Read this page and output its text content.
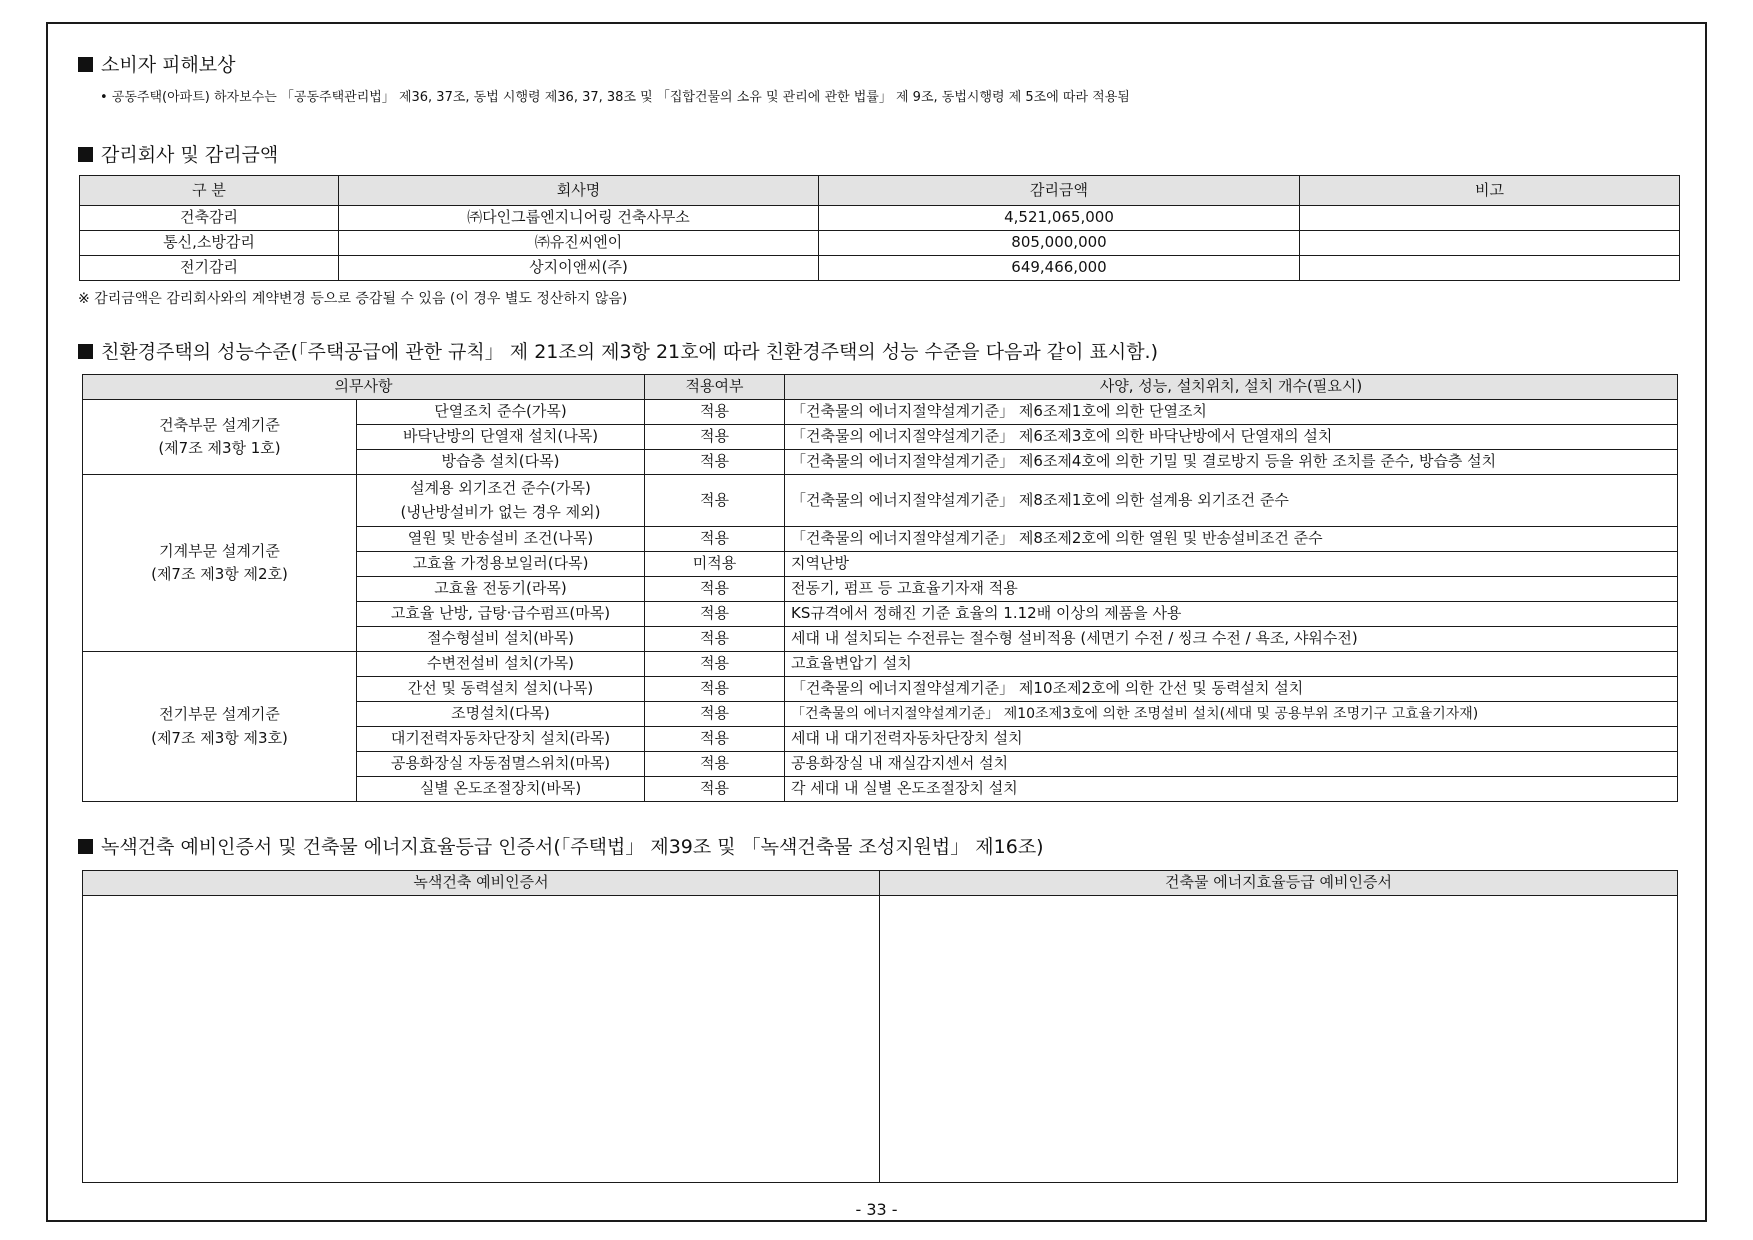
소비자 피해보상
• 공동주택(아파트) 하자보수는 「공동주택관리법」 제36, 37조, 동법 시행령 제36, 37, 38조 및 「집합건물의 소유 및 관리에 관한 법률」 제 9조, 동법시행령 제 5조에 따라 적용됨
감리회사 및 감리금액
구 분	회사명	감리금액	비고
건축감리	㈜다인그룹엔지니어링 건축사무소	4,521,065,000	
통신,소방감리	㈜유진씨엔이	805,000,000	
전기감리	상지이앤씨(주)	649,466,000	
※ 감리금액은 감리회사와의 계약변경 등으로 증감될 수 있음 (이 경우 별도 정산하지 않음)
친환경주택의 성능수준(「주택공급에 관한 규칙」 제 21조의 제3항 21호에 따라 친환경주택의 성능 수준을 다음과 같이 표시함.)
의무사항		적용여부	사양, 성능, 설치위치, 설치 개수(필요시)
건축부문 설계기준
(제7조 제3항 1호)	단열조치 준수(가목)	적용	「건축물의 에너지절약설계기준」 제6조제1호에 의한 단열조치
	바닥난방의 단열재 설치(나목)	적용	「건축물의 에너지절약설계기준」 제6조제3호에 의한 바닥난방에서 단열재의 설치
	방습층 설치(다목)	적용	「건축물의 에너지절약설계기준」 제6조제4호에 의한 기밀 및 결로방지 등을 위한 조치를 준수, 방습층 설치
기계부문 설계기준
(제7조 제3항 제2호)	설계용 외기조건 준수(가목)
(냉난방설비가 없는 경우 제외)	적용	「건축물의 에너지절약설계기준」 제8조제1호에 의한 설계용 외기조건 준수
	열원 및 반송설비 조건(나목)	적용	「건축물의 에너지절약설계기준」 제8조제2호에 의한 열원 및 반송설비조건 준수
	고효율 가정용보일러(다목)	미적용	지역난방
	고효율 전동기(라목)	적용	전동기, 펌프 등 고효율기자재 적용
	고효율 난방, 급탕·급수펌프(마목)	적용	KS규격에서 정해진 기준 효율의 1.12배 이상의 제품을 사용
	절수형설비 설치(바목)	적용	세대 내 설치되는 수전류는 절수형 설비적용 (세면기 수전 / 씽크 수전 / 욕조, 샤워수전)
전기부문 설계기준
(제7조 제3항 제3호)	수변전설비 설치(가목)	적용	고효율변압기 설치
	간선 및 동력설치 설치(나목)	적용	「건축물의 에너지절약설계기준」 제10조제2호에 의한 간선 및 동력설치 설치
	조명설치(다목)	적용	「건축물의 에너지절약설계기준」 제10조제3호에 의한 조명설비 설치(세대 및 공용부위 조명기구 고효율기자재)
	대기전력자동차단장치 설치(라목)	적용	세대 내 대기전력자동차단장치 설치
	공용화장실 자동점멸스위치(마목)	적용	공용화장실 내 재실감지센서 설치
	실별 온도조절장치(바목)	적용	각 세대 내 실별 온도조절장치 설치
녹색건축 예비인증서 및 건축물 에너지효율등급 인증서(「주택법」 제39조 및 「녹색건축물 조성지원법」 제16조)
녹색건축 예비인증서	건축물 에너지효율등급 예비인증서

- 33 -
